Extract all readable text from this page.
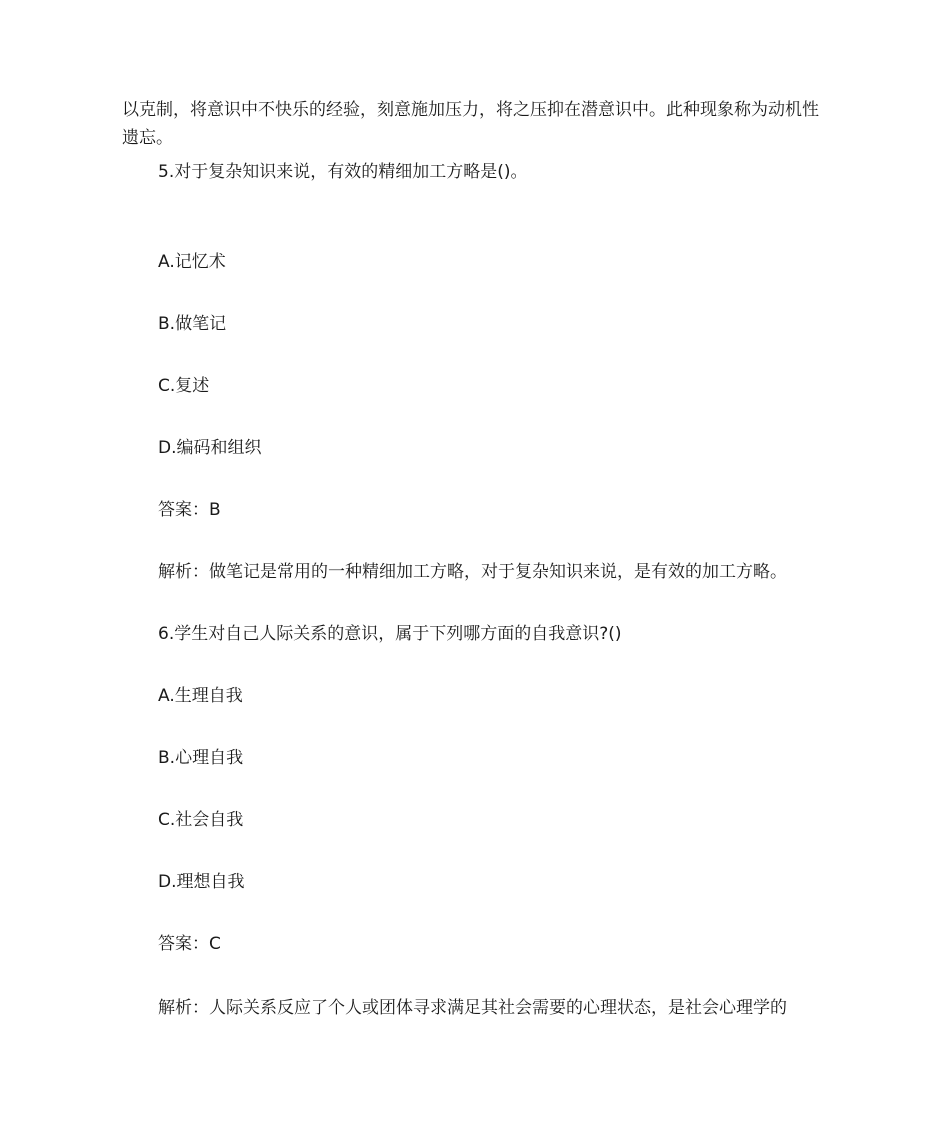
以克制，将意识中不快乐的经验，刻意施加压力，将之压抑在潜意识中。此种现象称为动机性遗忘。

5.对于复杂知识来说，有效的精细加工方略是()。

A.记忆术

B.做笔记

C.复述

D.编码和组织

答案：B

解析：做笔记是常用的一种精细加工方略，对于复杂知识来说，是有效的加工方略。

6.学生对自己人际关系的意识，属于下列哪方面的自我意识?()

A.生理自我

B.心理自我

C.社会自我

D.理想自我

答案：C

解析：人际关系反应了个人或团体寻求满足其社会需要的心理状态，是社会心理学的
